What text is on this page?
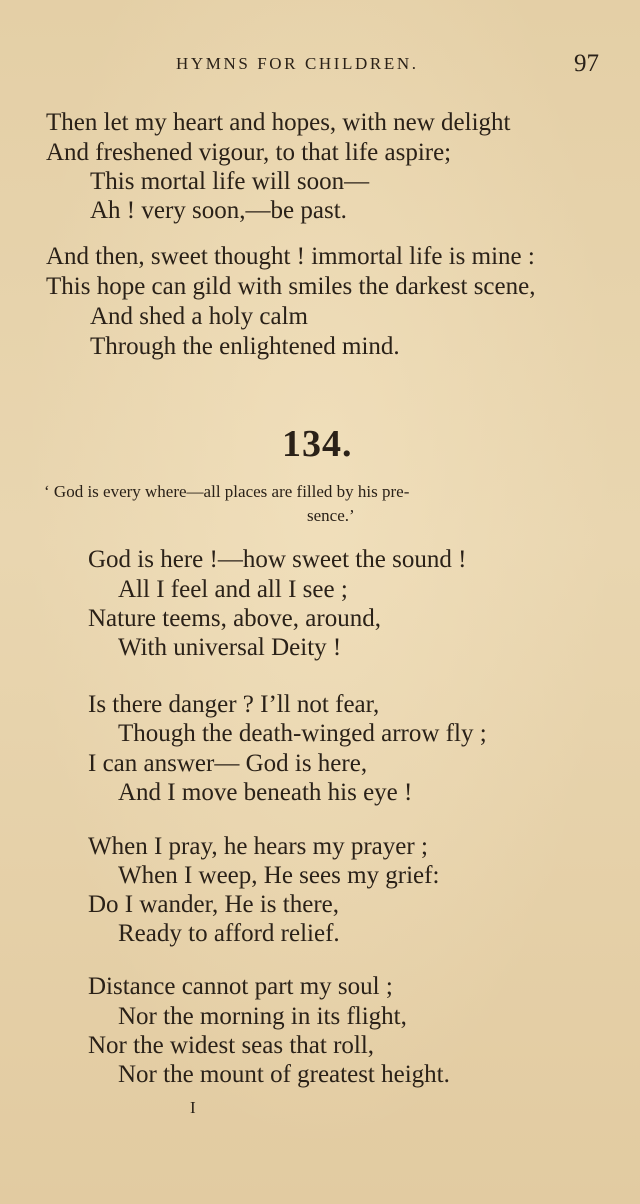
HYMNS FOR CHILDREN.	97
Then let my heart and hopes, with new delight
And freshened vigour, to that life aspire;
This mortal life will soon—
Ah ! very soon,—be past.
And then, sweet thought ! immortal life is mine :
This hope can gild with smiles the darkest scene,
And shed a holy calm
Through the enlightened mind.
134.
‘ God is every where—all places are filled by his pre-
sence.’
God is here !—how sweet the sound !
All I feel and all I see ;
Nature teems, above, around,
With universal Deity !
Is there danger ? I’ll not fear,
Though the death-winged arrow fly ;
I can answer— God is here,
And I move beneath his eye !
When I pray, he hears my prayer ;
When I weep, He sees my grief:
Do I wander, He is there,
Ready to afford relief.
Distance cannot part my soul ;
Nor the morning in its flight,
Nor the widest seas that roll,
Nor the mount of greatest height.
I
